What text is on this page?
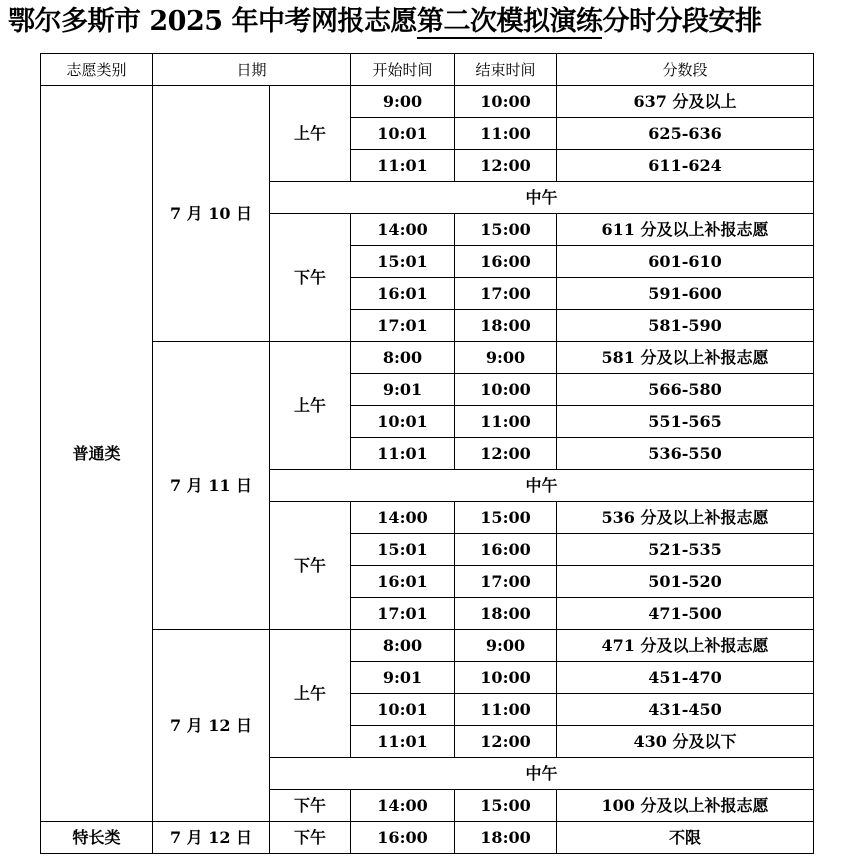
鄂尔多斯市 2025 年中考网报志愿第二次模拟演练分时分段安排
志愿类别	日期		开始时间	结束时间	分数段
普通类	7 月 10 日	上午	9:00	10:00	637 分及以上
			10:01	11:00	625-636
			11:01	12:00	611-624
		中午			
		下午	14:00	15:00	611 分及以上补报志愿
			15:01	16:00	601-610
			16:01	17:00	591-600
			17:01	18:00	581-590
	7 月 11 日	上午	8:00	9:00	581 分及以上补报志愿
			9:01	10:00	566-580
			10:01	11:00	551-565
			11:01	12:00	536-550
		中午			
		下午	14:00	15:00	536 分及以上补报志愿
			15:01	16:00	521-535
			16:01	17:00	501-520
			17:01	18:00	471-500
	7 月 12 日	上午	8:00	9:00	471 分及以上补报志愿
			9:01	10:00	451-470
			10:01	11:00	431-450
			11:01	12:00	430 分及以下
		中午			
		下午	14:00	15:00	100 分及以上补报志愿
特长类	7 月 12 日	下午	16:00	18:00	不限
